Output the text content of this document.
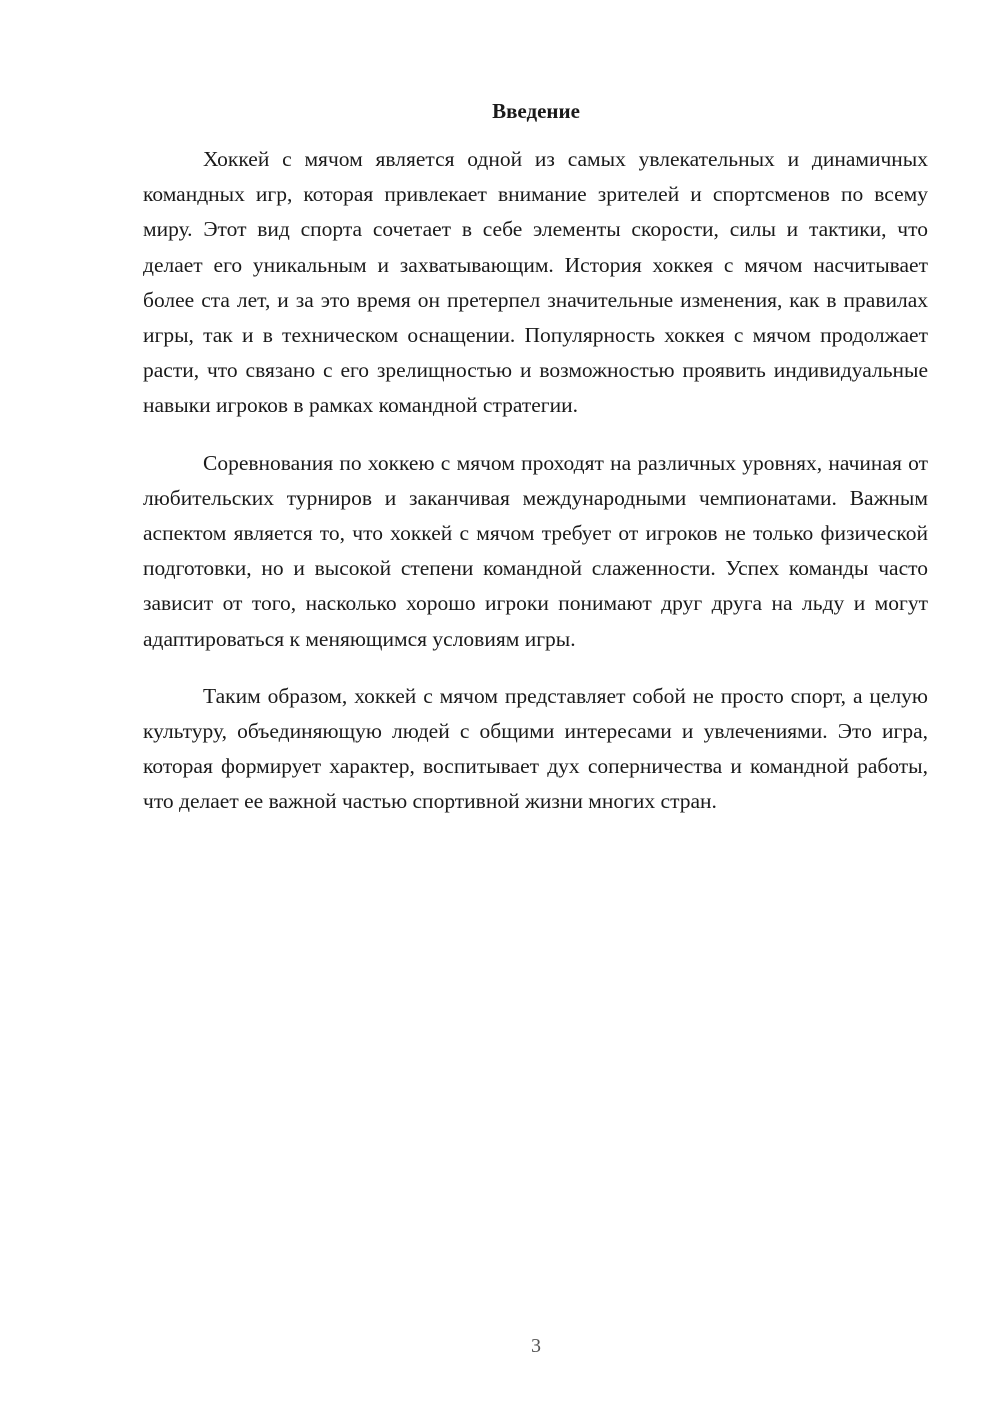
Введение

Хоккей с мячом является одной из самых увлекательных и динамичных командных игр, которая привлекает внимание зрителей и спортсменов по всему миру. Этот вид спорта сочетает в себе элементы скорости, силы и тактики, что делает его уникальным и захватывающим. История хоккея с мячом насчитывает более ста лет, и за это время он претерпел значительные изменения, как в правилах игры, так и в техническом оснащении. Популярность хоккея с мячом продолжает расти, что связано с его зрелищностью и возможностью проявить индивидуальные навыки игроков в рамках командной стратегии.

Соревнования по хоккею с мячом проходят на различных уровнях, начиная от любительских турниров и заканчивая международными чемпионатами. Важным аспектом является то, что хоккей с мячом требует от игроков не только физической подготовки, но и высокой степени командной слаженности. Успех команды часто зависит от того, насколько хорошо игроки понимают друг друга на льду и могут адаптироваться к меняющимся условиям игры.

Таким образом, хоккей с мячом представляет собой не просто спорт, а целую культуру, объединяющую людей с общими интересами и увлечениями. Это игра, которая формирует характер, воспитывает дух соперничества и командной работы, что делает ее важной частью спортивной жизни многих стран.

3
